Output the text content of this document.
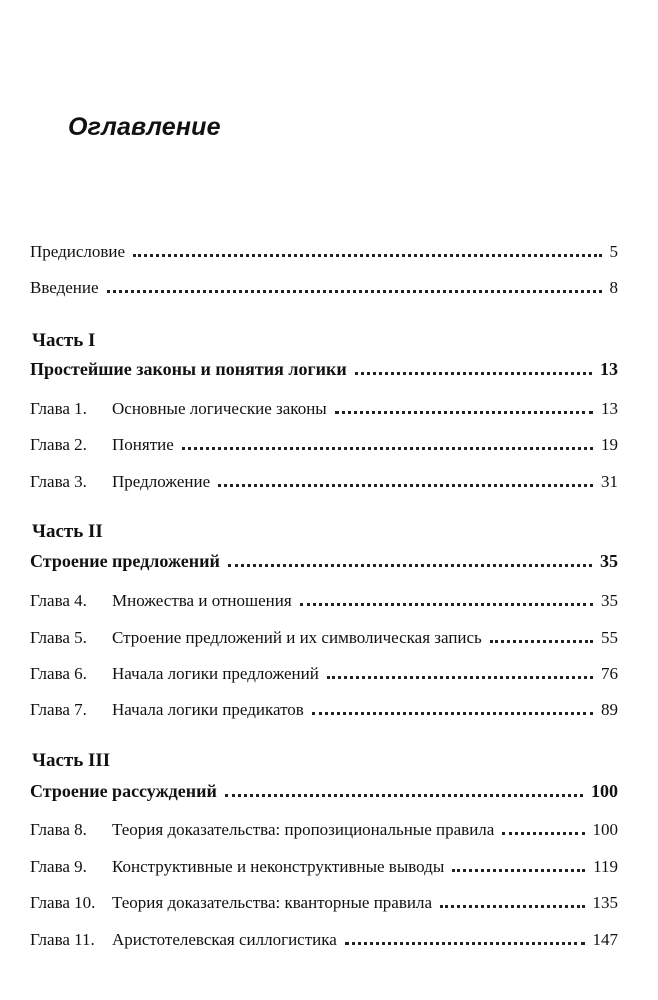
Оглавление
Предисловие	5
Введение	8
Часть I
Простейшие законы и понятия логики	13
Глава 1.	Основные логические законы	13
Глава 2.	Понятие	19
Глава 3.	Предложение	31
Часть II
Строение предложений	35
Глава 4.	Множества и отношения	35
Глава 5.	Строение предложений и их символическая запись	55
Глава 6.	Начала логики предложений	76
Глава 7.	Начала логики предикатов	89
Часть III
Строение рассуждений	100
Глава 8.	Теория доказательства: пропозициональные правила	100
Глава 9.	Конструктивные и неконструктивные выводы	119
Глава 10. Теория доказательства: кванторные правила	135
Глава 11.	Аристотелевская силлогистика	147
